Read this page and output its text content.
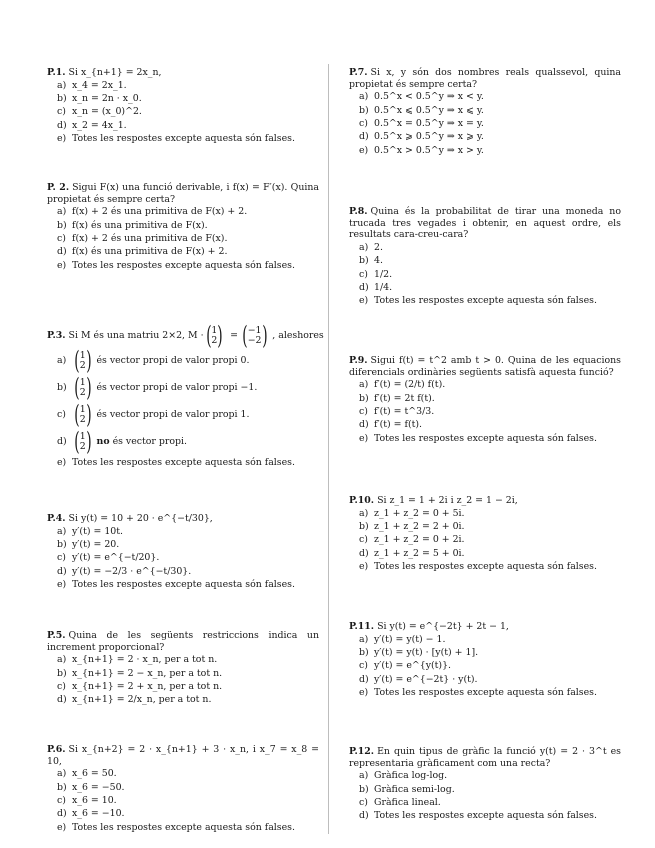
P.1. Si x_{n+1} = 2x_n,

a) x_4 = 2x_1.
b) x_n = 2n · x_0.
c) x_n = (x_0)^2.
d) x_2 = 4x_1.
e) Totes les respostes excepte aquesta són falses.

P. 2. Sigui F(x) una funció derivable, i f(x) = F′(x). Quina propietat és sempre certa?

a) f(x) + 2 és una primitiva de F(x) + 2.
b) f(x) és una primitiva de F(x).
c) f(x) + 2 és una primitiva de F(x).
d) f(x) és una primitiva de F(x) + 2.
e) Totes les respostes excepte aquesta són falses.
P.3. Si M és una matriu 2×2, M · ( 1
2 ) = ( −1
−2 ) , aleshores
a) ( 1
2 ) és vector propi de valor propi 0.
b) ( 1
2 ) és vector propi de valor propi −1.
c) ( 1
2 ) és vector propi de valor propi 1.
d) ( 1
2 ) no és vector propi.
e) Totes les respostes excepte aquesta són falses.

P.4. Si y(t) = 10 + 20 · e^{−t/30},

a) y′(t) = 10t.
b) y′(t) = 20.
c) y′(t) = e^{−t/20}.
d) y′(t) = −2/3 · e^{−t/30}.
e) Totes les respostes excepte aquesta són falses.

P.5. Quina de les següents restriccions indica un increment proporcional?

a) x_{n+1} = 2 · x_n, per a tot n.
b) x_{n+1} = 2 − x_n, per a tot n.
c) x_{n+1} = 2 + x_n, per a tot n.
d) x_{n+1} = 2/x_n, per a tot n.

P.6. Si x_{n+2} = 2 · x_{n+1} + 3 · x_n, i x_7 = x_8 = 10,

a) x_6 = 50.
b) x_6 = −50.
c) x_6 = 10.
d) x_6 = −10.
e) Totes les respostes excepte aquesta són falses.

P.7. Si x, y són dos nombres reals qualssevol, quina propietat és sempre certa?

a) 0.5^x < 0.5^y ⇒ x < y.
b) 0.5^x ⩽ 0.5^y ⇒ x ⩽ y.
c) 0.5^x = 0.5^y ⇒ x = y.
d) 0.5^x ⩾ 0.5^y ⇒ x ⩾ y.
e) 0.5^x > 0.5^y ⇒ x > y.

P.8. Quina és la probabilitat de tirar una moneda no trucada tres vegades i obtenir, en aquest ordre, els resultats cara-creu-cara?

a) 2.
b) 4.
c) 1/2.
d) 1/4.
e) Totes les respostes excepte aquesta són falses.

P.9. Sigui f(t) = t^2 amb t > 0. Quina de les equacions diferencials ordinàries següents satisfà aquesta funció?

a) f′(t) = (2/t) f(t).
b) f′(t) = 2t f(t).
c) f′(t) = t^3/3.
d) f′(t) = f(t).
e) Totes les respostes excepte aquesta són falses.

P.10. Si z_1 = 1 + 2i i z_2 = 1 − 2i,

a) z_1 + z_2 = 0 + 5i.
b) z_1 + z_2 = 2 + 0i.
c) z_1 + z_2 = 0 + 2i.
d) z_1 + z_2 = 5 + 0i.
e) Totes les respostes excepte aquesta són falses.

P.11. Si y(t) = e^{−2t} + 2t − 1,

a) y′(t) = y(t) − 1.
b) y′(t) = y(t) · [y(t) + 1].
c) y′(t) = e^{y(t)}.
d) y′(t) = e^{−2t} · y(t).
e) Totes les respostes excepte aquesta són falses.

P.12. En quin tipus de gràfic la funció y(t) = 2 · 3^t es representaria gràficament com una recta?

a) Gràfica log-log.
b) Gràfica semi-log.
c) Gràfica lineal.
d) Totes les respostes excepte aquesta són falses.
